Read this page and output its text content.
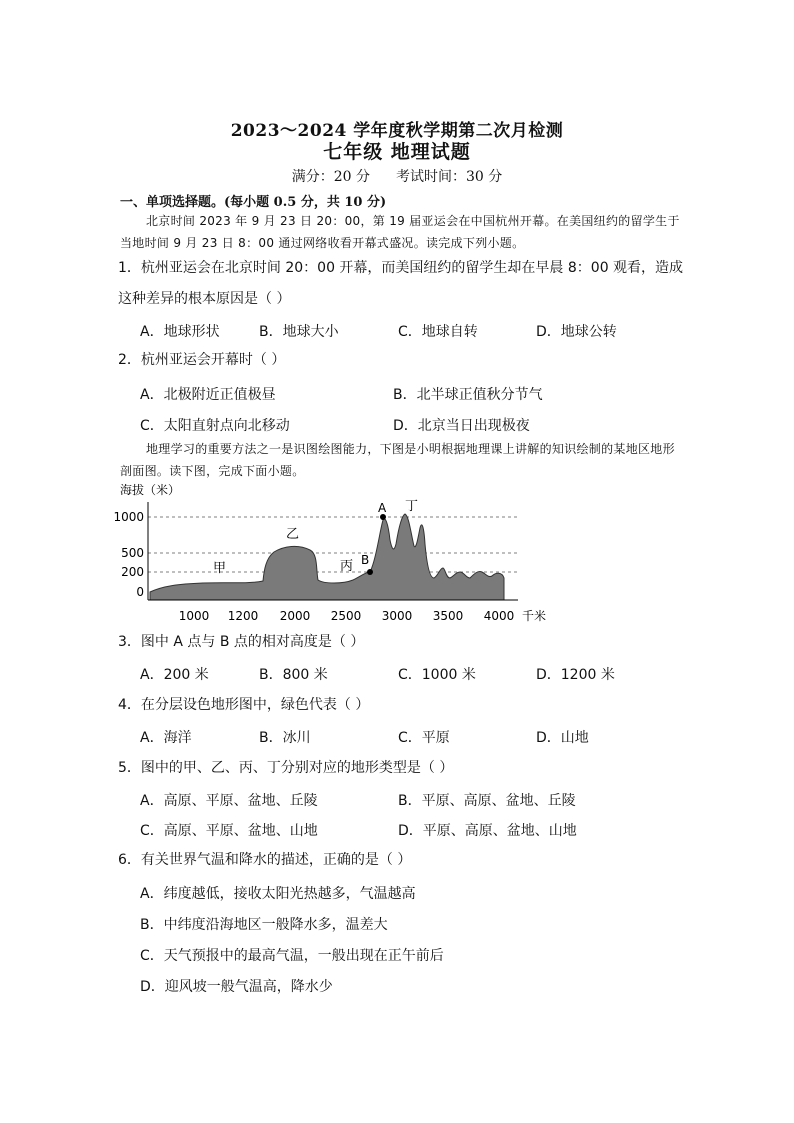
2023～2024 学年度秋学期第二次月检测
七年级 地理试题
满分：20 分 考试时间：30 分
一、单项选择题。(每小题 0.5 分，共 10 分)
北京时间 2023 年 9 月 23 日 20：00，第 19 届亚运会在中国杭州开幕。在美国纽约的留学生于当地时间 9 月 23 日 8：00 通过网络收看开幕式盛况。读完成下列小题。
1．杭州亚运会在北京时间 20：00 开幕，而美国纽约的留学生却在早晨 8：00 观看，造成这种差异的根本原因是（ ）
A．地球形状	B．地球大小	C．地球自转	D．地球公转
2．杭州亚运会开幕时（ ）
A．北极附近正值极昼	B．北半球正值秋分节气
C．太阳直射点向北移动	D．北京当日出现极夜
地理学习的重要方法之一是识图绘图能力，下图是小明根据地理课上讲解的知识绘制的某地区地形剖面图。读下图，完成下面小题。
海拔（米）
千米
0
200
500
1000
1000 1200 2000 2500 3000 3500 4000
甲
乙
丙
丁
A
B
3．图中 A 点与 B 点的相对高度是（ ）
A．200 米	B．800 米	C．1000 米	D．1200 米
4．在分层设色地形图中，绿色代表（ ）
A．海洋	B．冰川	C．平原	D．山地
5．图中的甲、乙、丙、丁分别对应的地形类型是（ ）
A．高原、平原、盆地、丘陵	B．平原、高原、盆地、丘陵
C．高原、平原、盆地、山地	D．平原、高原、盆地、山地
6．有关世界气温和降水的描述，正确的是（ ）
A．纬度越低，接收太阳光热越多，气温越高
B．中纬度沿海地区一般降水多，温差大
C．天气预报中的最高气温，一般出现在正午前后
D．迎风坡一般气温高，降水少
